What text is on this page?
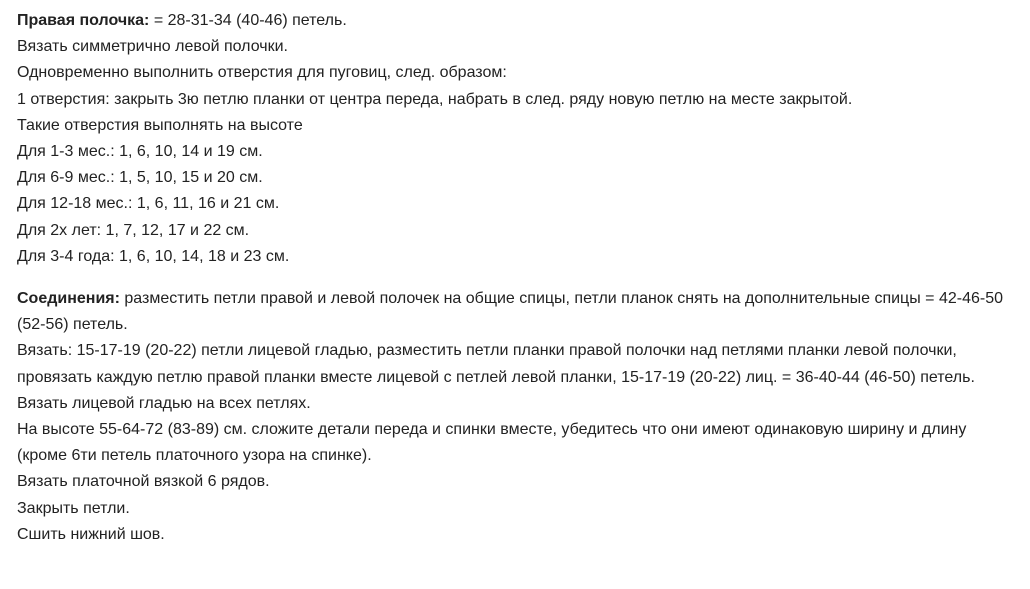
Правая полочка: = 28-31-34 (40-46) петель.

Вязать симметрично левой полочки.

Одновременно выполнить отверстия для пуговиц, след. образом:

1 отверстия: закрыть 3ю петлю планки от центра переда, набрать в след. ряду новую петлю на месте закрытой.

Такие отверстия выполнять на высоте

Для 1-3 мес.: 1, 6, 10, 14 и 19 см.

Для 6-9 мес.: 1, 5, 10, 15 и 20 см.

Для 12-18 мес.: 1, 6, 11, 16 и 21 см.

Для 2х лет: 1, 7, 12, 17 и 22 см.

Для 3-4 года: 1, 6, 10, 14, 18 и 23 см.

Соединения: разместить петли правой и левой полочек на общие спицы, петли планок снять на дополнительные спицы = 42-46-50 (52-56) петель.

Вязать: 15-17-19 (20-22) петли лицевой гладью, разместить петли планки правой полочки над петлями планки левой полочки, провязать каждую петлю правой планки вместе лицевой с петлей левой планки, 15-17-19 (20-22) лиц. = 36-40-44 (46-50) петель.

Вязать лицевой гладью на всех петлях.

На высоте 55-64-72 (83-89) см. сложите детали переда и спинки вместе, убедитесь что они имеют одинаковую ширину и длину (кроме 6ти петель платочного узора на спинке).

Вязать платочной вязкой 6 рядов.

Закрыть петли.

Сшить нижний шов.
